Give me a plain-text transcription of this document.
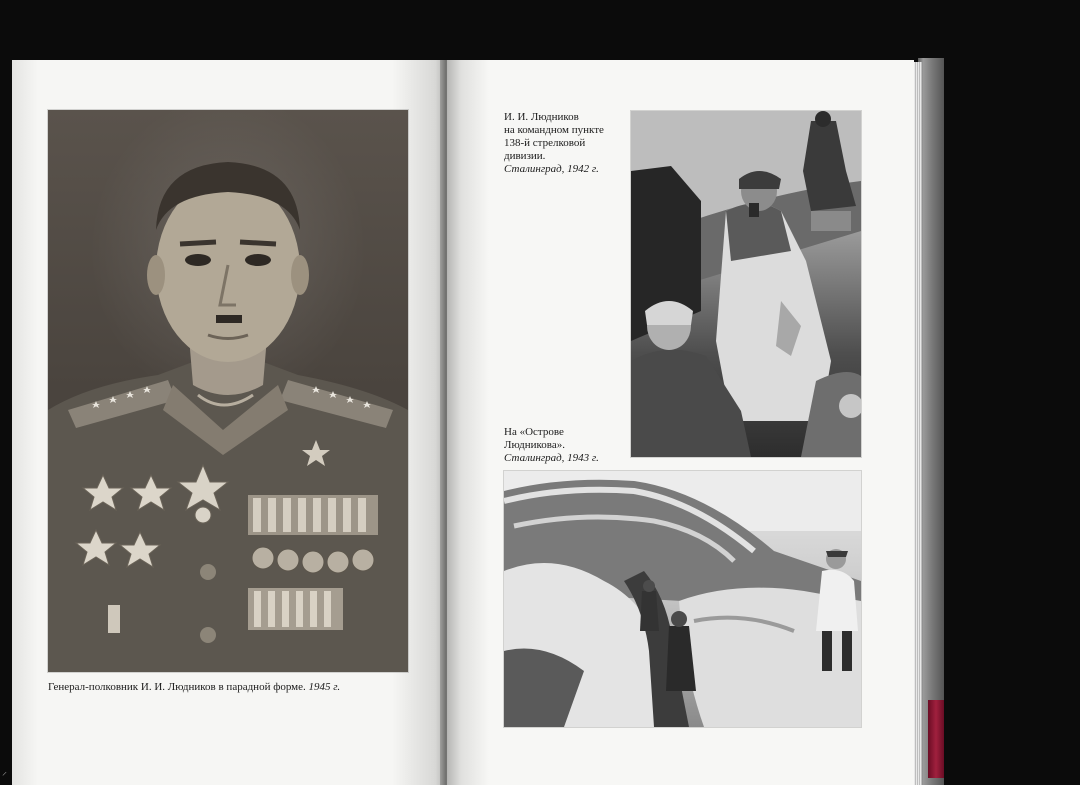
Генерал-полковник И. И. Людников в парадной форме. 1945 г.
И. И. Людников
на командном пункте
138-й стрелковой
дивизии.
Сталинград, 1942 г.
На «Острове
Людникова».
Сталинград, 1943 г.
⸍
